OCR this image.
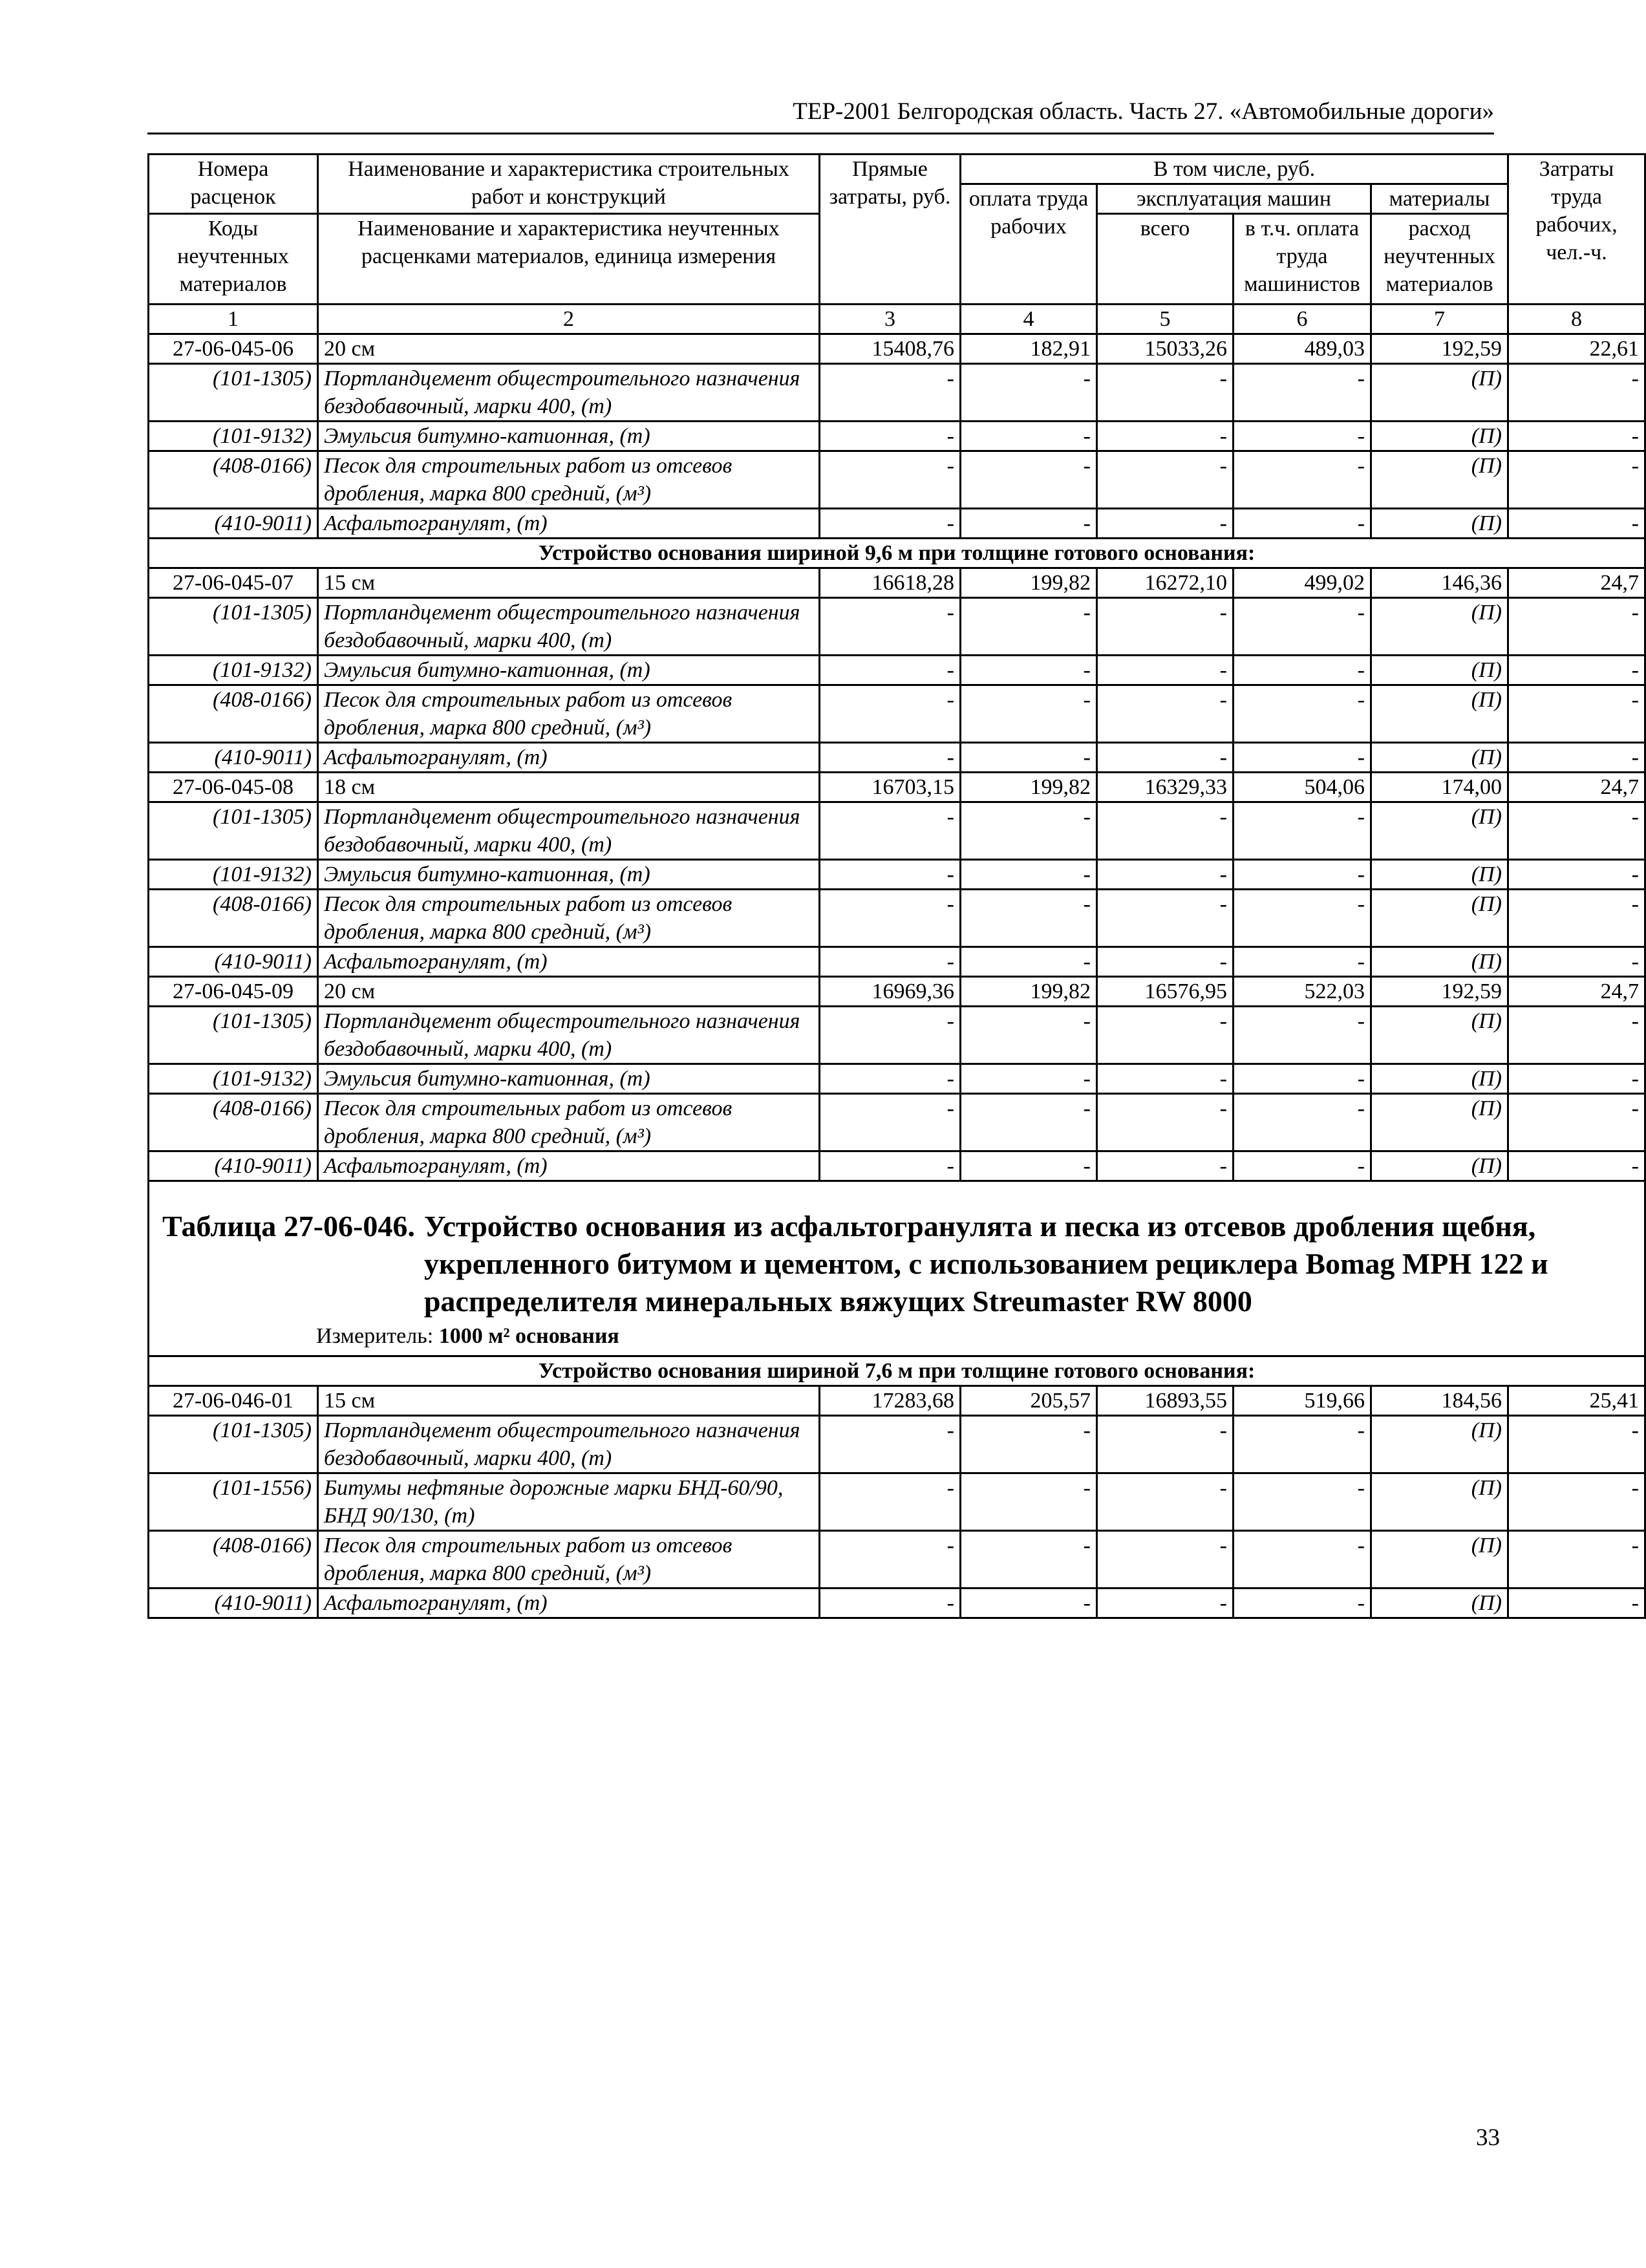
ТЕР-2001 Белгородская область. Часть 27. «Автомобильные дороги»
Номера расценок	Наименование и характеристика строительных работ и конструкций	Прямые затраты, руб.	В том числе, руб.				Затраты труда рабочих, чел.-ч.
			оплата труда рабочих	эксплуатация машин		материалы	
Коды неучтенных материалов	Наименование и характеристика неучтенных расценками материалов, единица измерения			всего	в т.ч. оплата труда машинистов	расход неучтенных материалов	

1	2	3	4	5	6	7	8
27-06-045-06	20 см	15408,76	182,91	15033,26	489,03	192,59	22,61
(101-1305)	Портландцемент общестроительного назначения бездобавочный, марки 400, (т)	-	-	-	-	(П)	-
(101-9132)	Эмульсия битумно-катионная, (т)	-	-	-	-	(П)	-
(408-0166)	Песок для строительных работ из отсевов дробления, марка 800 средний, (м³)	-	-	-	-	(П)	-
(410-9011)	Асфальтогранулят, (т)	-	-	-	-	(П)	-
Устройство основания шириной 9,6 м при толщине готового основания:							
27-06-045-07	15 см	16618,28	199,82	16272,10	499,02	146,36	24,7
(101-1305)	Портландцемент общестроительного назначения бездобавочный, марки 400, (т)	-	-	-	-	(П)	-
(101-9132)	Эмульсия битумно-катионная, (т)	-	-	-	-	(П)	-
(408-0166)	Песок для строительных работ из отсевов дробления, марка 800 средний, (м³)	-	-	-	-	(П)	-
(410-9011)	Асфальтогранулят, (т)	-	-	-	-	(П)	-
27-06-045-08	18 см	16703,15	199,82	16329,33	504,06	174,00	24,7
(101-1305)	Портландцемент общестроительного назначения бездобавочный, марки 400, (т)	-	-	-	-	(П)	-
(101-9132)	Эмульсия битумно-катионная, (т)	-	-	-	-	(П)	-
(408-0166)	Песок для строительных работ из отсевов дробления, марка 800 средний, (м³)	-	-	-	-	(П)	-
(410-9011)	Асфальтогранулят, (т)	-	-	-	-	(П)	-
27-06-045-09	20 см	16969,36	199,82	16576,95	522,03	192,59	24,7
(101-1305)	Портландцемент общестроительного назначения бездобавочный, марки 400, (т)	-	-	-	-	(П)	-
(101-9132)	Эмульсия битумно-катионная, (т)	-	-	-	-	(П)	-
(408-0166)	Песок для строительных работ из отсевов дробления, марка 800 средний, (м³)	-	-	-	-	(П)	-
(410-9011)	Асфальтогранулят, (т)	-	-	-	-	(П)	-

Таблица 27-06-046. Устройство основания из асфальтогранулята и песка из отсевов дробления щебня, укрепленного битумом и цементом, с использованием рециклера Bomag MPH 122 и распределителя минеральных вяжущих Streumaster RW 8000
Измеритель: 1000 м² основания							

Устройство основания шириной 7,6 м при толщине готового основания:							
27-06-046-01	15 см	17283,68	205,57	16893,55	519,66	184,56	25,41
(101-1305)	Портландцемент общестроительного назначения бездобавочный, марки 400, (т)	-	-	-	-	(П)	-
(101-1556)	Битумы нефтяные дорожные марки БНД-60/90, БНД 90/130, (т)	-	-	-	-	(П)	-
(408-0166)	Песок для строительных работ из отсевов дробления, марка 800 средний, (м³)	-	-	-	-	(П)	-
(410-9011)	Асфальтогранулят, (т)	-	-	-	-	(П)	-
33
